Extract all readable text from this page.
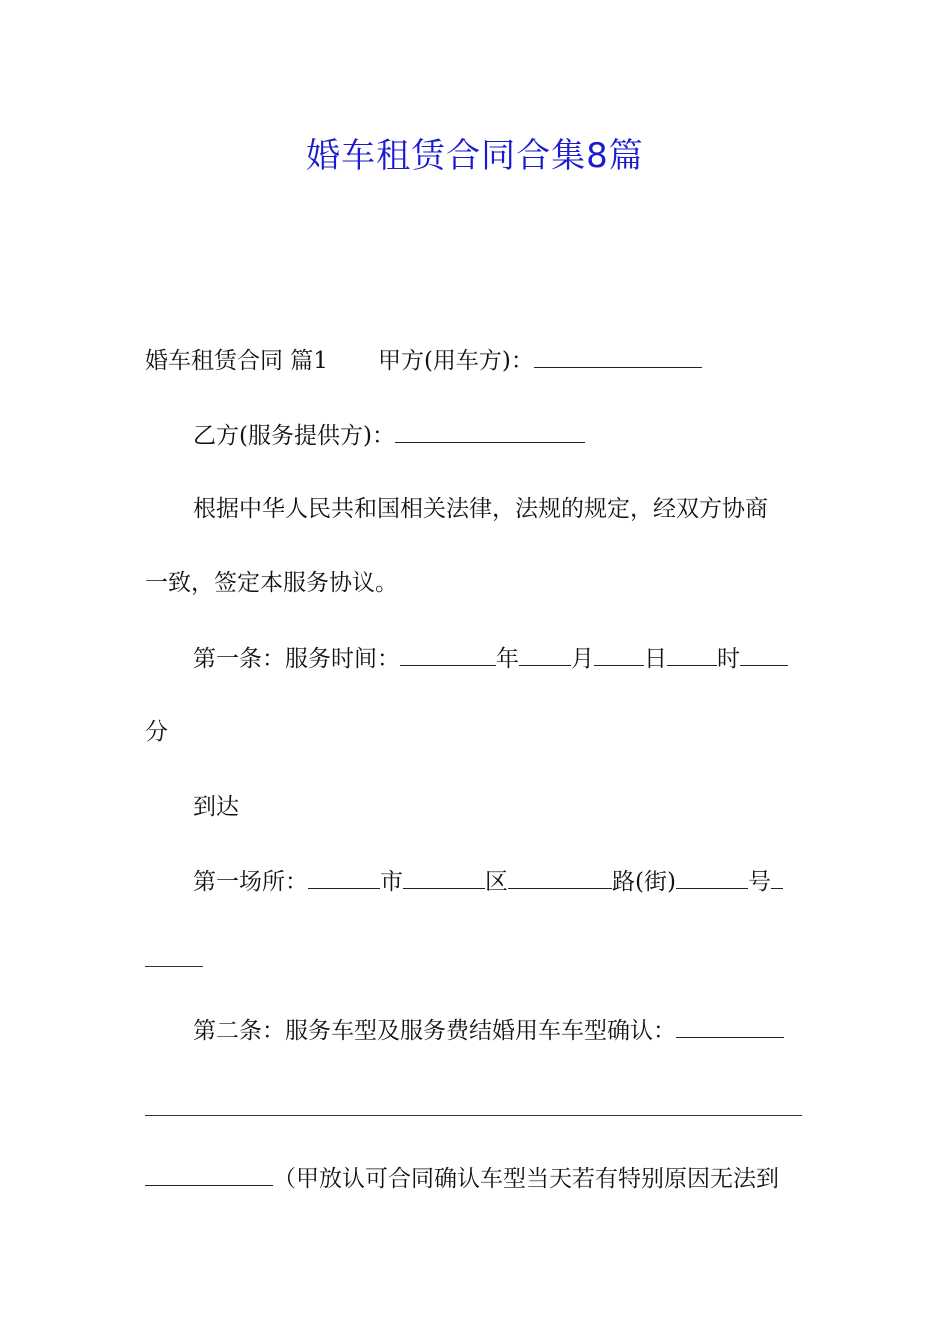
婚车租赁合同合集8篇
婚车租赁合同 篇1 甲方(用车方)：
乙方(服务提供方)：
根据中华人民共和国相关法律，法规的规定，经双方协商
一致，签定本服务协议。
第一条：服务时间：	年 月 日 时
分
到达
第一场所：	市	区	路(街)	号
第二条：服务车型及服务费结婚用车车型确认：
（甲放认可合同确认车型当天若有特别原因无法到
